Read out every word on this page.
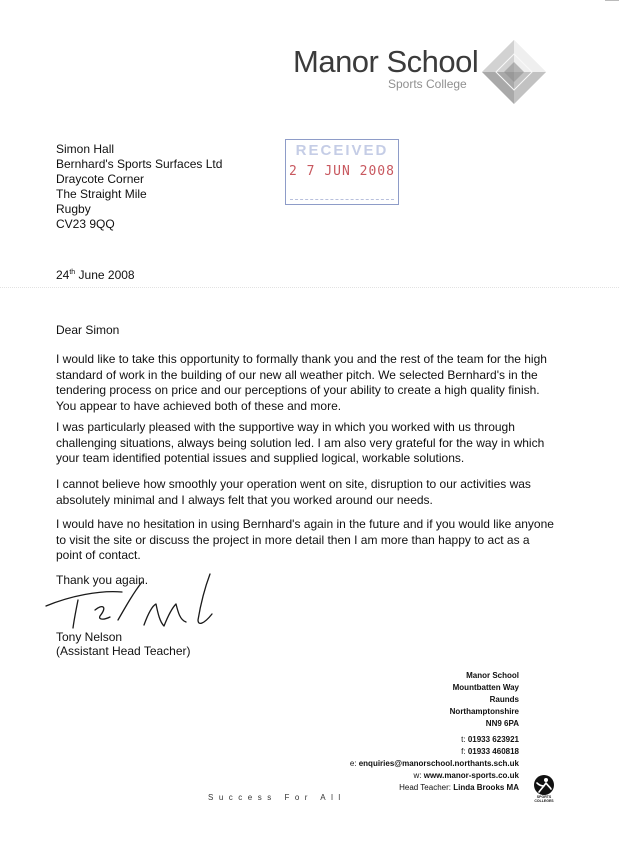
Manor School
Sports College
Simon Hall
Bernhard's Sports Surfaces Ltd
Draycote Corner
The Straight Mile
Rugby
CV23 9QQ
RECEIVED
2 7 JUN 2008
24th June 2008
Dear Simon
I would like to take this opportunity to formally thank you and the rest of the team for the high standard of work in the building of our new all weather pitch. We selected Bernhard's in the tendering process on price and our perceptions of your ability to create a high quality finish. You appear to have achieved both of these and more.
I was particularly pleased with the supportive way in which you worked with us through challenging situations, always being solution led. I am also very grateful for the way in which your team identified potential issues and supplied logical, workable solutions.
I cannot believe how smoothly your operation went on site, disruption to our activities was absolutely minimal and I always felt that you worked around our needs.
I would have no hesitation in using Bernhard's again in the future and if you would like anyone to visit the site or discuss the project in more detail then I am more than happy to act as a point of contact.
Thank you again.
Tony Nelson
(Assistant Head Teacher)
Manor School
Mountbatten Way
Raunds
Northamptonshire
NN9 6PA
t: 01933 623921
f: 01933 460818
e: enquiries@manorschool.northants.sch.uk
w: www.manor-sports.co.uk
Head Teacher: Linda Brooks MA
Success For All	SPORTS
COLLEGES
